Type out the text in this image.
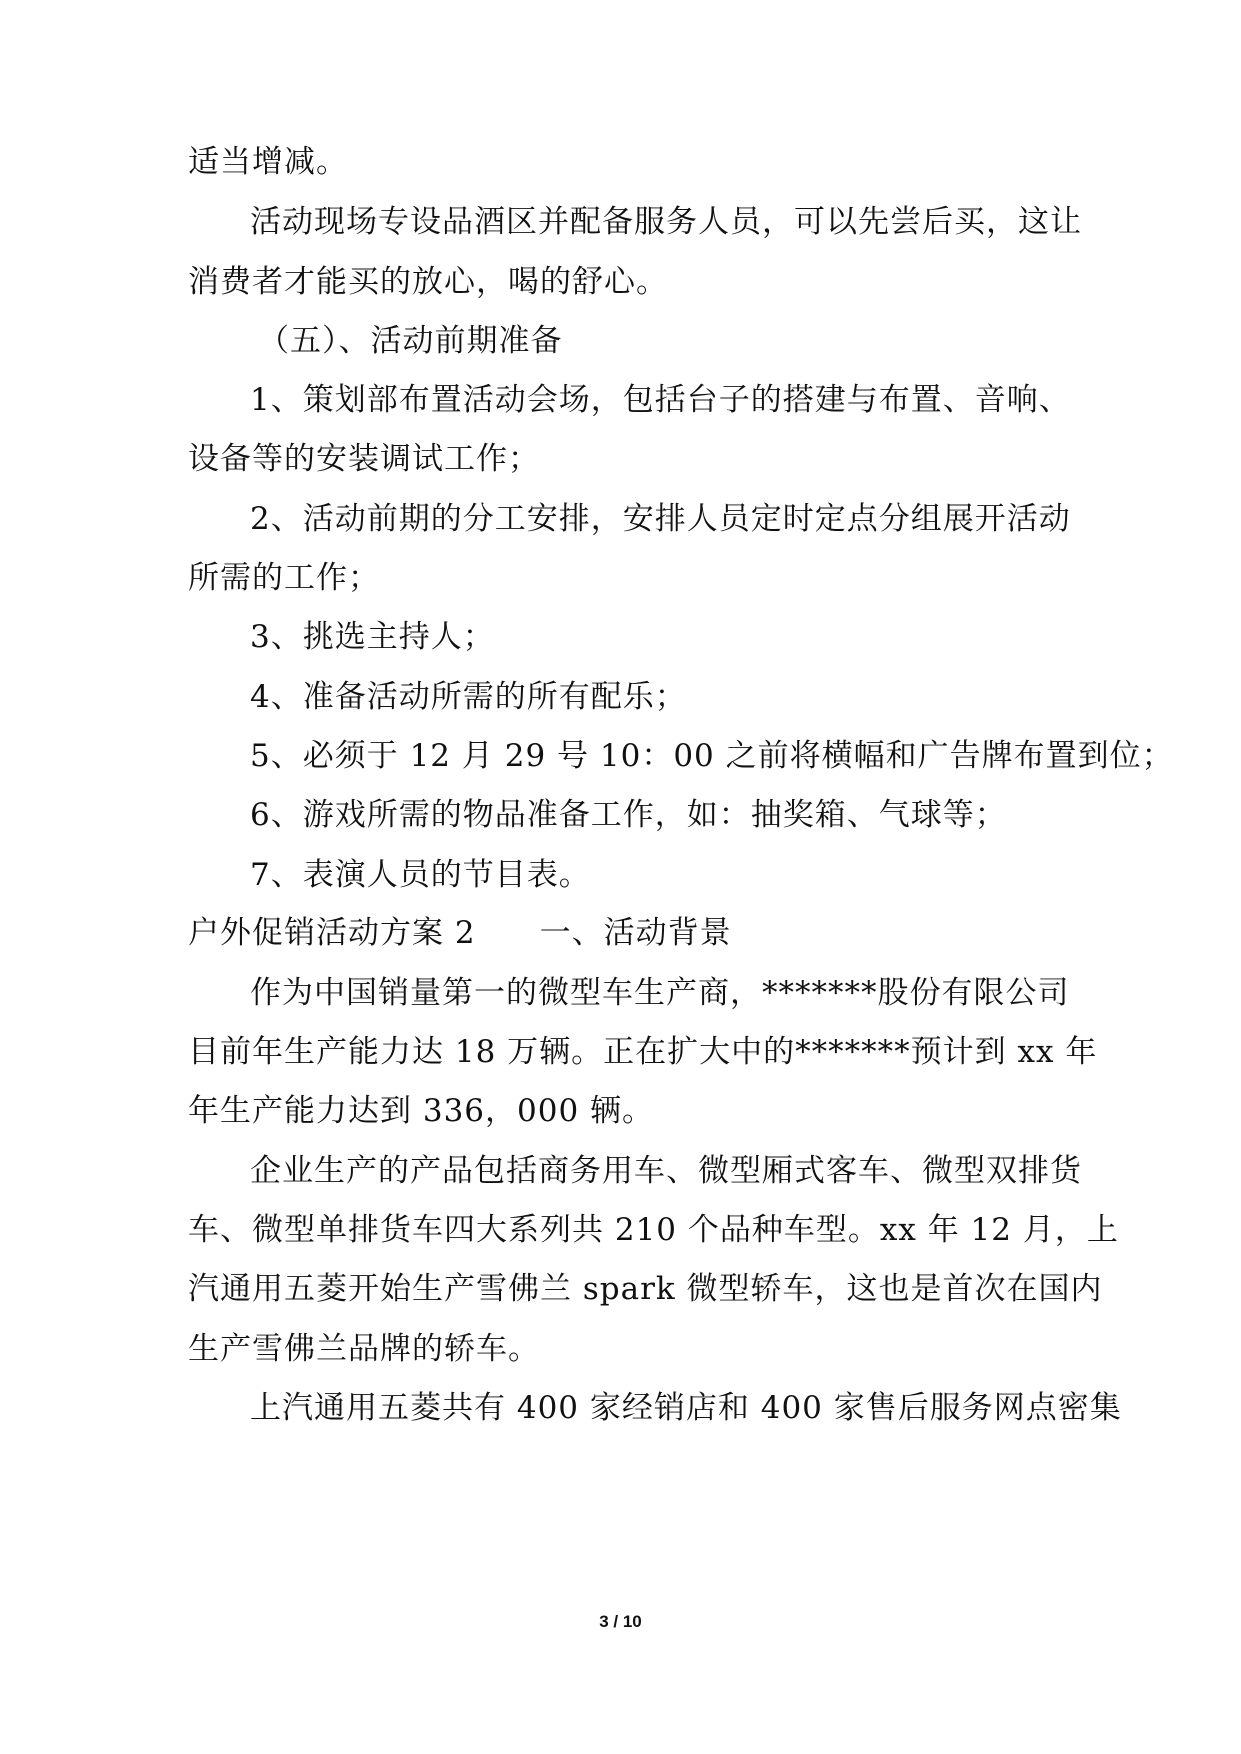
适当增减。
活动现场专设品酒区并配备服务人员，可以先尝后买，这让
消费者才能买的放心，喝的舒心。
（五）、活动前期准备
1、策划部布置活动会场，包括台子的搭建与布置、音响、
设备等的安装调试工作；
2、活动前期的分工安排，安排人员定时定点分组展开活动
所需的工作；
3、挑选主持人；
4、准备活动所需的所有配乐；
5、必须于 12 月 29 号 10：00 之前将横幅和广告牌布置到位；
6、游戏所需的物品准备工作，如：抽奖箱、气球等；
7、表演人员的节目表。
户外促销活动方案 2　　一、活动背景
作为中国销量第一的微型车生产商，*******股份有限公司
目前年生产能力达 18 万辆。正在扩大中的*******预计到 xx 年
年生产能力达到 336，000 辆。
企业生产的产品包括商务用车、微型厢式客车、微型双排货
车、微型单排货车四大系列共 210 个品种车型。xx 年 12 月，上
汽通用五菱开始生产雪佛兰 spark 微型轿车，这也是首次在国内
生产雪佛兰品牌的轿车。
上汽通用五菱共有 400 家经销店和 400 家售后服务网点密集
3 / 10
